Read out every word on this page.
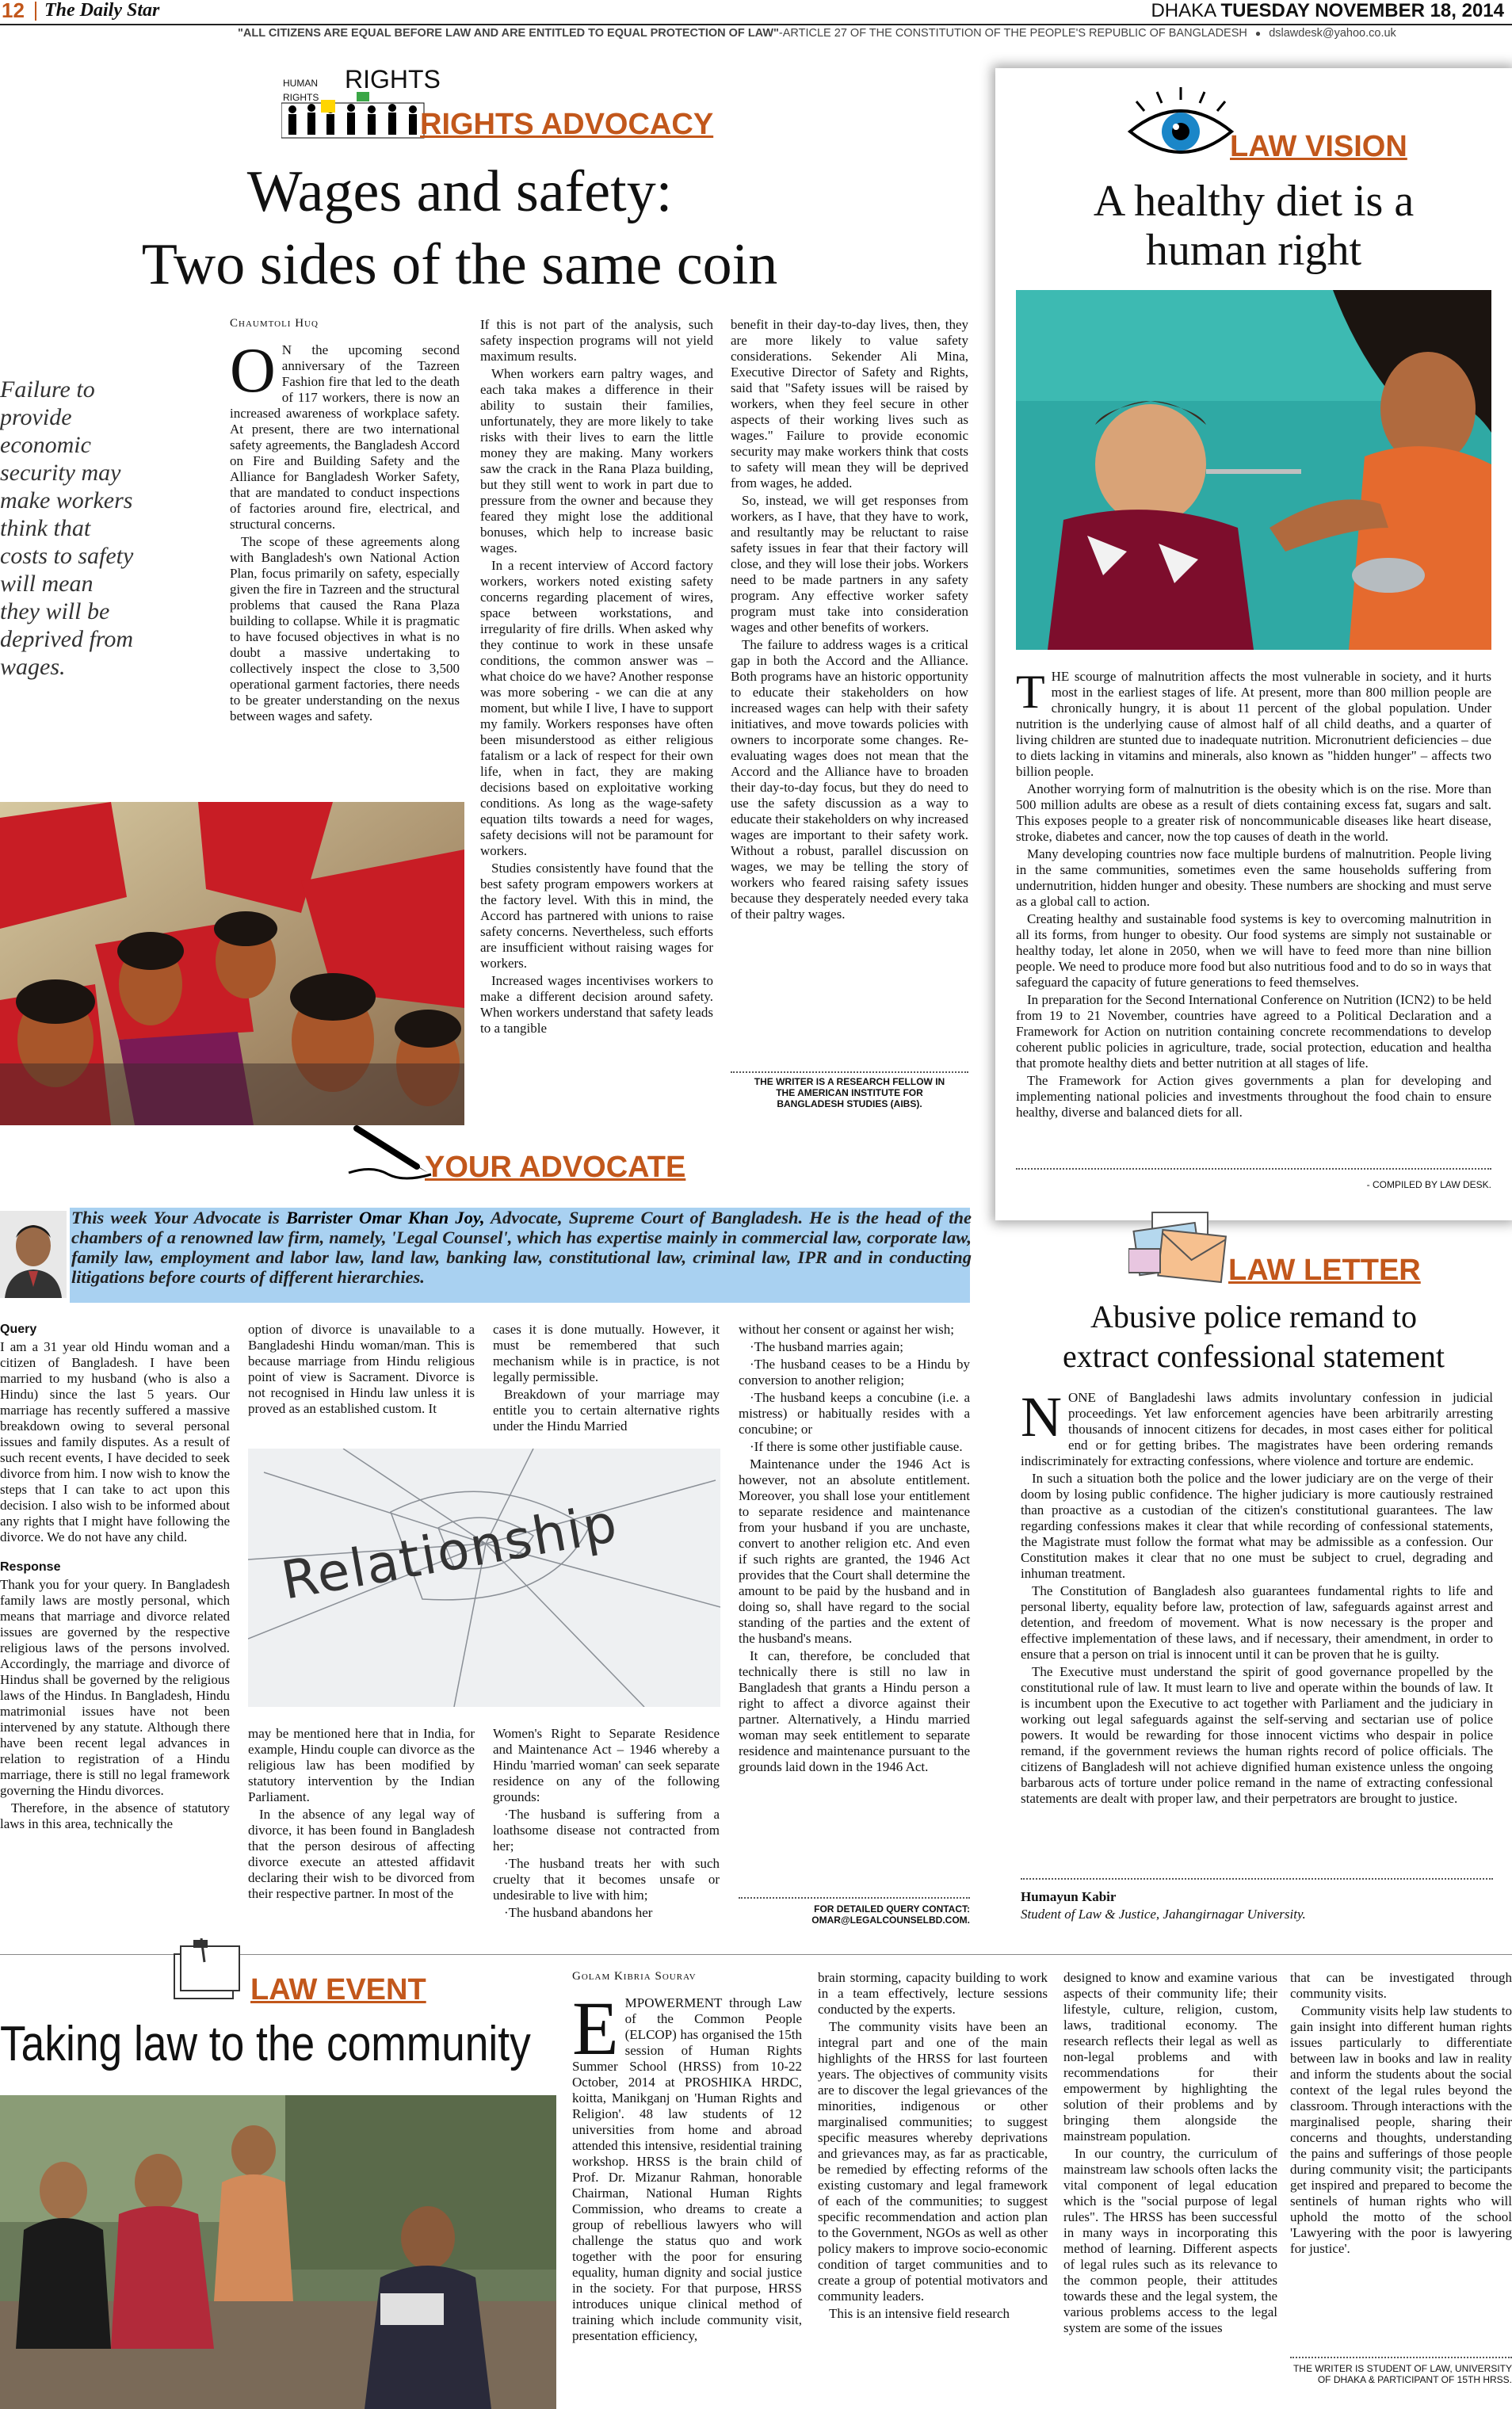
12 The Daily Star	DHAKA TUESDAY NOVEMBER 18, 2014
"ALL CITIZENS ARE EQUAL BEFORE LAW AND ARE ENTITLED TO EQUAL PROTECTION OF LAW"-ARTICLE 27 OF THE CONSTITUTION OF THE PEOPLE'S REPUBLIC OF BANGLADESH ● dslawdesk@yahoo.co.uk
HUMAN RIGHTS
RIGHTS
RIGHTS ADVOCACY
Wages and safety:
Two sides of the same coin
Failure to provide economic security may make workers think that costs to safety will mean they will be deprived from wages.
Chaumtoli Huq

O N the upcoming second anniversary of the Tazreen Fashion fire that led to the death of 117 workers, there is now an increased awareness of workplace safety. At present, there are two international safety agreements, the Bangladesh Accord on Fire and Building Safety and the Alliance for Bangladesh Worker Safety, that are mandated to conduct inspections of factories around fire, electrical, and structural concerns.

The scope of these agreements along with Bangladesh's own National Action Plan, focus primarily on safety, especially given the fire in Tazreen and the structural problems that caused the Rana Plaza building to collapse. While it is pragmatic to have focused objectives in what is no doubt a massive undertaking to collectively inspect the close to 3,500 operational garment factories, there needs to be greater understanding on the nexus between wages and safety.

If this is not part of the analysis, such safety inspection programs will not yield maximum results.

When workers earn paltry wages, and each taka makes a difference in their ability to sustain their families, unfortunately, they are more likely to take risks with their lives to earn the little money they are making. Many workers saw the crack in the Rana Plaza building, but they still went to work in part due to pressure from the owner and because they feared they might lose the additional bonuses, which help to increase basic wages.

In a recent interview of Accord factory workers, workers noted existing safety concerns regarding placement of wires, space between workstations, and irregularity of fire drills. When asked why they continue to work in these unsafe conditions, the common answer was – what choice do we have? Another response was more sobering - we can die at any moment, but while I live, I have to support my family. Workers responses have often been misunderstood as either religious fatalism or a lack of respect for their own life, when in fact, they are making decisions based on exploitative working conditions. As long as the wage-safety equation tilts towards a need for wages, safety decisions will not be paramount for workers.

Studies consistently have found that the best safety program empowers workers at the factory level. With this in mind, the Accord has partnered with unions to raise safety concerns. Nevertheless, such efforts are insufficient without raising wages for workers.

Increased wages incentivises workers to make a different decision around safety. When workers understand that safety leads to a tangible

benefit in their day-to-day lives, then, they are more likely to value safety considerations. Sekender Ali Mina, Executive Director of Safety and Rights, said that "Safety issues will be raised by workers, when they feel secure in other aspects of their working lives such as wages." Failure to provide economic security may make workers think that costs to safety will mean they will be deprived from wages, he added.

So, instead, we will get responses from workers, as I have, that they have to work, and resultantly may be reluctant to raise safety issues in fear that their factory will close, and they will lose their jobs. Workers need to be made partners in any safety program. Any effective worker safety program must take into consideration wages and other benefits of workers.

The failure to address wages is a critical gap in both the Accord and the Alliance. Both programs have an historic opportunity to educate their stakeholders on how increased wages can help with their safety initiatives, and move towards policies with owners to incorporate some changes. Re-evaluating wages does not mean that the Accord and the Alliance have to broaden their day-to-day focus, but they do need to use the safety discussion as a way to educate their stakeholders on why increased wages are important to their safety work. Without a robust, parallel discussion on wages, we may be telling the story of workers who feared raising safety issues because they desperately needed every taka of their paltry wages.

THE WRITER IS A RESEARCH FELLOW IN THE AMERICAN INSTITUTE FOR BANGLADESH STUDIES (AIBS).
LAW VISION
A healthy diet is a
human right

THE scourge of malnutrition affects the most vulnerable in society, and it hurts most in the earliest stages of life. At present, more than 800 million people are chronically hungry, it is about 11 percent of the global population. Under nutrition is the underlying cause of almost half of all child deaths, and a quarter of living children are stunted due to inadequate nutrition. Micronutrient deficiencies – due to diets lacking in vitamins and minerals, also known as "hidden hunger" – affects two billion people.

Another worrying form of malnutrition is the obesity which is on the rise. More than 500 million adults are obese as a result of diets containing excess fat, sugars and salt. This exposes people to a greater risk of noncommunicable diseases like heart disease, stroke, diabetes and cancer, now the top causes of death in the world.

Many developing countries now face multiple burdens of malnutrition. People living in the same communities, sometimes even the same households suffering from undernutrition, hidden hunger and obesity. These numbers are shocking and must serve as a global call to action.

Creating healthy and sustainable food systems is key to overcoming malnutrition in all its forms, from hunger to obesity. Our food systems are simply not sustainable or healthy today, let alone in 2050, when we will have to feed more than nine billion people. We need to produce more food but also nutritious food and to do so in ways that safeguard the capacity of future generations to feed themselves.

In preparation for the Second International Conference on Nutrition (ICN2) to be held from 19 to 21 November, countries have agreed to a Political Declaration and a Framework for Action on nutrition containing concrete recommendations to develop coherent public policies in agriculture, trade, social protection, education and healtha that promote healthy diets and better nutrition at all stages of life.

The Framework for Action gives governments a plan for developing and implementing national policies and investments throughout the food chain to ensure healthy, diverse and balanced diets for all.

- COMPILED BY LAW DESK.
YOUR ADVOCATE
This week Your Advocate is Barrister Omar Khan Joy, Advocate, Supreme Court of Bangladesh. He is the head of the chambers of a renowned law firm, namely, 'Legal Counsel', which has expertise mainly in commercial law, corporate law, family law, employment and labor law, land law, banking law, constitutional law, criminal law, IPR and in conducting litigations before courts of different hierarchies.

Query

I am a 31 year old Hindu woman and a citizen of Bangladesh. I have been married to my husband (who is also a Hindu) since the last 5 years. Our marriage has recently suffered a massive breakdown owing to several personal issues and family disputes. As a result of such recent events, I have decided to seek divorce from him. I now wish to know the steps that I can take to act upon this decision. I also wish to be informed about any rights that I might have following the divorce. We do not have any child.

Response

Thank you for your query. In Bangladesh family laws are mostly personal, which means that marriage and divorce related issues are governed by the respective religious laws of the persons involved. Accordingly, the marriage and divorce of Hindus shall be governed by the religious laws of the Hindus. In Bangladesh, Hindu matrimonial issues have not been intervened by any statute. Although there have been recent legal advances in relation to registration of a Hindu marriage, there is still no legal framework governing the Hindu divorces.

Therefore, in the absence of statutory laws in this area, technically the

option of divorce is unavailable to a Bangladeshi Hindu woman/man. This is because marriage from Hindu religious point of view is Sacrament. Divorce is not recognised in Hindu law unless it is proved as an established custom. It

cases it is done mutually. However, it must be remembered that such mechanism while is in practice, is not legally permissible.

Breakdown of your marriage may entitle you to certain alternative rights under the Hindu Married

Relationship

may be mentioned here that in India, for example, Hindu couple can divorce as the religious law has been modified by statutory intervention by the Indian Parliament.

In the absence of any legal way of divorce, it has been found in Bangladesh that the person desirous of affecting divorce execute an attested affidavit declaring their wish to be divorced from their respective partner. In most of the

Women's Right to Separate Residence and Maintenance Act – 1946 whereby a Hindu 'married woman' can seek separate residence on any of the following grounds:

·The husband is suffering from a loathsome disease not contracted from her;

·The husband treats her with such cruelty that it becomes unsafe or undesirable to live with him;

·The husband abandons her

without her consent or against her wish;

·The husband marries again;

·The husband ceases to be a Hindu by conversion to another religion;

·The husband keeps a concubine (i.e. a mistress) or habitually resides with a concubine; or

·If there is some other justifiable cause.

Maintenance under the 1946 Act is however, not an absolute entitlement. Moreover, you shall lose your entitlement to separate residence and maintenance from your husband if you are unchaste, convert to another religion etc. And even if such rights are granted, the 1946 Act provides that the Court shall determine the amount to be paid by the husband and in doing so, shall have regard to the social standing of the parties and the extent of the husband's means.

It can, therefore, be concluded that technically there is still no law in Bangladesh that grants a Hindu person a right to affect a divorce against their partner. Alternatively, a Hindu married woman may seek entitlement to separate residence and maintenance pursuant to the grounds laid down in the 1946 Act.

FOR DETAILED QUERY CONTACT:
OMAR@LEGALCOUNSELBD.COM.
LAW LETTER
Abusive police remand to
extract confessional statement

NONE of Bangladeshi laws admits involuntary confession in judicial proceedings. Yet law enforcement agencies have been arbitrarily arresting thousands of innocent citizens for decades, in most cases either for political end or for getting bribes. The magistrates have been ordering remands indiscriminately for extracting confessions, where violence and torture are endemic.

In such a situation both the police and the lower judiciary are on the verge of their doom by losing public confidence. The higher judiciary is more cautiously restrained than proactive as a custodian of the citizen's constitutional guarantees. The law regarding confessions makes it clear that while recording of confessional statements, the Magistrate must follow the format what may be admissible as a confession. Our Constitution makes it clear that no one must be subject to cruel, degrading and inhuman treatment.

The Constitution of Bangladesh also guarantees fundamental rights to life and personal liberty, equality before law, protection of law, safeguards against arrest and detention, and freedom of movement. What is now necessary is the proper and effective implementation of these laws, and if necessary, their amendment, in order to ensure that a person on trial is innocent until it can be proven that he is guilty.

The Executive must understand the spirit of good governance propelled by the constitutional rule of law. It must learn to live and operate within the bounds of law. It is incumbent upon the Executive to act together with Parliament and the judiciary in working out legal safeguards against the self-serving and sectarian use of police powers. It would be rewarding for those innocent victims who despair in police remand, if the government reviews the human rights record of police officials. The citizens of Bangladesh will not achieve dignified human existence unless the ongoing barbarous acts of torture under police remand in the name of extracting confessional statements are dealt with proper law, and their perpetrators are brought to justice.

Humayun Kabir
Student of Law & Justice, Jahangirnagar University.
LAW EVENT
Taking law to the community
Golam Kibria Sourav

EMPOWERMENT through Law of the Common People (ELCOP) has organised the 15th session of Human Rights Summer School (HRSS) from 10-22 October, 2014 at PROSHIKA HRDC, koitta, Manikganj on 'Human Rights and Religion'. 48 law students of 12 universities from home and abroad attended this intensive, residential training workshop. HRSS is the brain child of Prof. Dr. Mizanur Rahman, honorable Chairman, National Human Rights Commission, who dreams to create a group of rebellious lawyers who will challenge the status quo and work together with the poor for ensuring equality, human dignity and social justice in the society. For that purpose, HRSS introduces unique clinical method of training which include community visit, presentation efficiency,

brain storming, capacity building to work in a team effectively, lecture sessions conducted by the experts.

The community visits have been an integral part and one of the main highlights of the HRSS for last fourteen years. The objectives of community visits are to discover the legal grievances of the minorities, indigenous or other marginalised communities; to suggest specific measures whereby deprivations and grievances may, as far as practicable, be remedied by effecting reforms of the existing customary and legal framework of each of the communities; to suggest specific recommendation and action plan to the Government, NGOs as well as other policy makers to improve socio-economic condition of target communities and to create a group of potential motivators and community leaders.

This is an intensive field research

designed to know and examine various aspects of their community life; their lifestyle, culture, religion, custom, laws, traditional economy. The research reflects their legal as well as non-legal problems and with recommendations for their empowerment by highlighting the solution of their problems and by bringing them alongside the mainstream population.

In our country, the curriculum of mainstream law schools often lacks the vital component of legal education which is the "social purpose of legal rules". The HRSS has been successful in many ways in incorporating this method of learning. Different aspects of legal rules such as its relevance to the common people, their attitudes towards these and the legal system, the various problems access to the legal system are some of the issues

that can be investigated through community visits.

Community visits help law students to gain insight into different human rights issues particularly to differentiate between law in books and law in reality and inform the students about the social context of the legal rules beyond the classroom. Through interactions with the marginalised people, sharing their concerns and thoughts, understanding the pains and sufferings of those people during community visit; the participants get inspired and prepared to become the sentinels of human rights who will uphold the motto of the school 'Lawyering with the poor is lawyering for justice'.

THE WRITER IS STUDENT OF LAW, UNIVERSITY OF DHAKA & PARTICIPANT OF 15TH HRSS.
